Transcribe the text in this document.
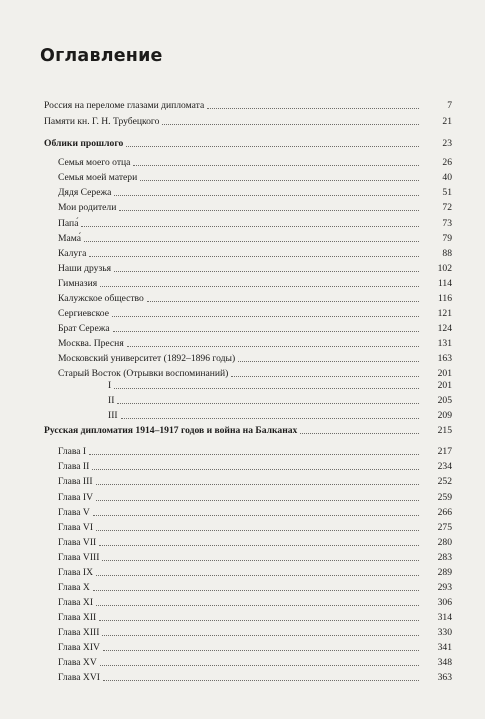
Оглавление
Россия на переломе глазами дипломата	7
Памяти кн. Г. Н. Трубецкого	21
Облики прошлого	23
Семья моего отца	26
Семья моей матери	40
Дядя Сережа	51
Мои родители	72
Папа́	73
Мама́	79
Калуга	88
Наши друзья	102
Гимназия	114
Калужское общество	116
Сергиевское	121
Брат Сережа	124
Москва. Пресня	131
Московский университет (1892–1896 годы)	163
Старый Восток (Отрывки воспоминаний)	201
I	201
II	205
III	209
Русская дипломатия 1914–1917 годов и война на Балканах	215
Глава I	217
Глава II	234
Глава III	252
Глава IV	259
Глава V	266
Глава VI	275
Глава VII	280
Глава VIII	283
Глава IX	289
Глава X	293
Глава XI	306
Глава XII	314
Глава XIII	330
Глава XIV	341
Глава XV	348
Глава XVI	363
